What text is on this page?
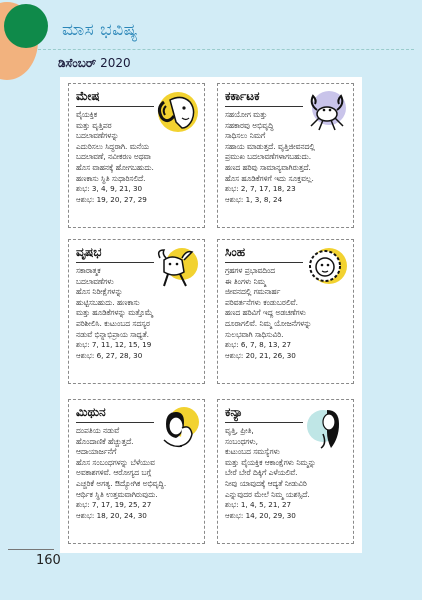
ಮಾಸ ಭವಿಷ್ಯ
ಡಿಸೆಂಬರ್ 2020
ಮೇಷ

ವೈಯಕ್ತಿಕ

ಮತ್ತು ವೃತ್ತಿಪರ

ಬದಲಾವಣೆಗಳನ್ನು

ಎದುರಿಸಲು ಸಿದ್ಧರಾಗಿ. ಮನೆಯ

ಬದಲಾವಣೆ, ನವೀಕರಣ ಅಥವಾ

ಹೊಸ ವಾಹನಕ್ಕೆ ಹೋಗಬಹುದು.

ಹಣಕಾಸು ಸ್ಥಿತಿ ಸುಧಾರಿಸಲಿದೆ.

ಶುಭ: 3, 4, 9, 21, 30

ಆಶುಭ: 19, 20, 27, 29

ಕರ್ಕಾಟಕ

ಸಹಯೋಗ ಮತ್ತು

ಸಹಕಾರವು ಅಭಿವೃದ್ಧಿ

ಸಾಧಿಸಲು ನಿಮಗೆ

ಸಹಾಯ ಮಾಡುತ್ತದೆ. ವೃತ್ತಿಜೀವನದಲ್ಲಿ

ಪ್ರಮುಖ ಬದಲಾವಣೆಗಳಾಗಬಹುದು.

ಹಣದ ಹರಿವು ಸಾಮಾನ್ಯವಾಗಿರುತ್ತದೆ.

ಹೊಸ ಹೂಡಿಕೆಗಳಿಗೆ ಇದು ಸೂಕ್ತವಲ್ಲ.

ಶುಭ: 2, 7, 17, 18, 23

ಆಶುಭ: 1, 3, 8, 24

ವೃಷಭ

ಸಕಾರಾತ್ಮಕ

ಬದಲಾವಣೆಗಳು

ಹೊಸ ನಿರೀಕ್ಷೆಗಳನ್ನು

ಹುಟ್ಟಿಸಬಹುದು. ಹಣಕಾಸು

ಮತ್ತು ಹೂಡಿಕೆಗಳನ್ನು ಮತ್ತೊಮ್ಮೆ

ಪರಿಶೀಲಿಸಿ. ಕುಟುಂಬದ ಸದಸ್ಯರ

ನಡುವೆ ಭಿನ್ನಾಭಿಪ್ರಾಯ ಸಾಧ್ಯತೆ.

ಶುಭ: 7, 11, 12, 15, 19

ಆಶುಭ: 6, 27, 28, 30

ಸಿಂಹ

ಗ್ರಹಗಳ ಪ್ರಭಾವದಿಂದ

ಈ ತಿಂಗಳು ನಿಮ್ಮ

ಜೀವನದಲ್ಲಿ ಗಮನಾರ್ಹ

ಪರಿವರ್ತನೆಗಳು ಕಂಡುಬರಲಿವೆ.

ಹಣದ ಹರಿವಿಗೆ ಇದ್ದ ಅಡಚಣೆಗಳು

ದೂರಾಗಲಿವೆ. ನಿಮ್ಮ ಯೋಜನೆಗಳನ್ನು

ಸುಲಭವಾಗಿ ಸಾಧಿಸುವಿರಿ.

ಶುಭ: 6, 7, 8, 13, 27

ಆಶುಭ: 20, 21, 26, 30

ಮಿಥುನ

ದಂಪತಿಯ ನಡುವೆ

ಹೊಂದಾಣಿಕೆ ಹೆಚ್ಚುತ್ತದೆ.

ಆದಾಯಾರ್ಜನೆಗೆ

ಹೊಸ ಸಂಬಂಧಗಳನ್ನು ಬೆಳೆಯುವ

ಅವಕಾಶಗಳಿವೆ. ಆರೋಗ್ಯದ ಬಗ್ಗೆ

ಎಚ್ಚರಿಕೆ ಅಗತ್ಯ. ಔದ್ಯೋಗಿಕ ಅಭಿವೃದ್ಧಿ.

ಆರ್ಥಿಕ ಸ್ಥಿತಿ ಉತ್ತಮವಾಗಿರುವುದು.

ಶುಭ: 7, 17, 19, 25, 27

ಆಶುಭ: 18, 20, 24, 30

ಕನ್ಯಾ

ವೃತ್ತಿ, ಪ್ರೀತಿ,

ಸಂಬಂಧಗಳು,

ಕುಟುಂಬದ ಸಮಸ್ಯೆಗಳು

ಮತ್ತು ವೈಯಕ್ತಿಕ ಆಕಾಂಕ್ಷೆಗಳು ನಿಮ್ಮನ್ನು

ಬೇರೆ ಬೇರೆ ದಿಕ್ಕಿಗೆ ಎಳೆಯಲಿವೆ.

ನೀವು ಯಾವುದಕ್ಕೆ ಆದ್ಯತೆ ನೀಡುವಿರಿ

ಎನ್ನುವುದರ ಮೇಲೆ ನಿಮ್ಮ ಯಶಸ್ಸಿದೆ.

ಶುಭ: 1, 4, 5, 21, 27

ಆಶುಭ: 14, 20, 29, 30

160
